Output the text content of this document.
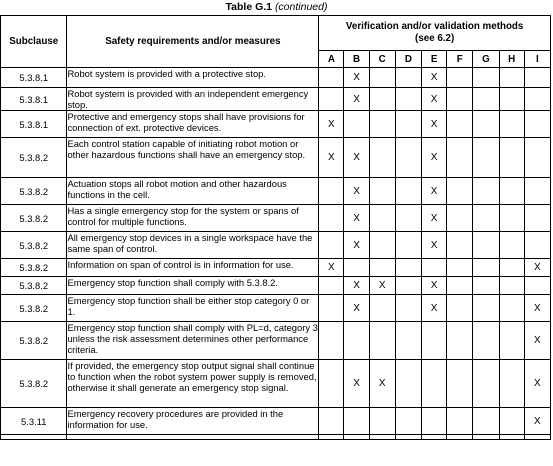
Table G.1 (continued)
Subclause	Safety requirements and/or measures	Verification and/or validation methods
(see 6.2)								

		A	B	C	D	E	F	G	H	I
5.3.8.1	Robot system is provided with a protective stop.		X			X				
5.3.8.1	Robot system is provided with an independent emergency stop.		X			X				
5.3.8.1	Protective and emergency stops shall have provisions for connection of ext. protective devices.	X				X				
5.3.8.2	Each control station capable of initiating robot motion or other hazardous functions shall have an emergency stop.	X	X			X				
5.3.8.2	Actuation stops all robot motion and other hazardous functions in the cell.		X			X				
5.3.8.2	Has a single emergency stop for the system or spans of control for multiple functions.		X			X				
5.3.8.2	All emergency stop devices in a single workspace have the same span of control.		X			X				
5.3.8.2	Information on span of control is in information for use.	X								X
5.3.8.2	Emergency stop function shall comply with 5.3.8.2.		X	X		X				
5.3.8.2	Emergency stop function shall be either stop category 0 or 1.		X			X				X
5.3.8.2	Emergency stop function shall comply with PL=d, category 3 unless the risk assessment determines other performance criteria.									X
5.3.8.2	If provided, the emergency stop output signal shall continue to function when the robot system power supply is removed, otherwise it shall generate an emergency stop signal.		X	X						X
5.3.11	Emergency recovery procedures are provided in the information for use.									X
